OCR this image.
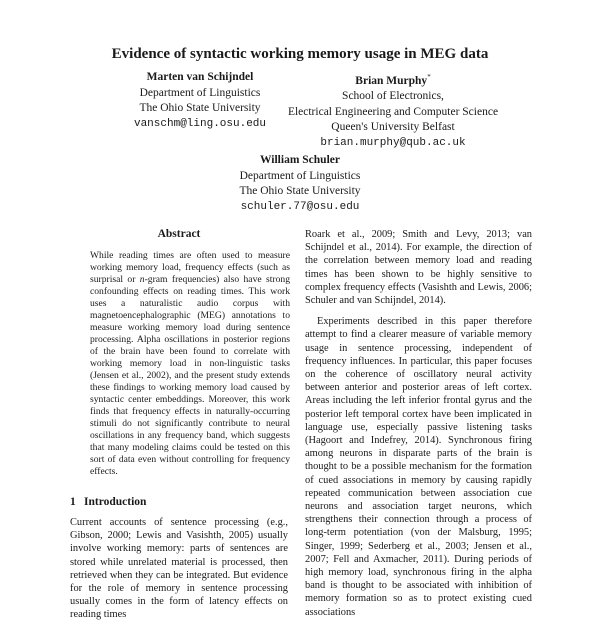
Evidence of syntactic working memory usage in MEG data
Marten van Schijndel
Department of Linguistics
The Ohio State University
vanschm@ling.osu.edu
Brian Murphy*
School of Electronics,
Electrical Engineering and Computer Science
Queen's University Belfast
brian.murphy@qub.ac.uk
William Schuler
Department of Linguistics
The Ohio State University
schuler.77@osu.edu
Abstract

While reading times are often used to measure working memory load, frequency effects (such as surprisal or n-gram frequencies) also have strong confounding effects on reading times. This work uses a naturalistic audio corpus with magnetoencephalographic (MEG) annotations to measure working memory load during sentence processing. Alpha oscillations in posterior regions of the brain have been found to correlate with working memory load in non-linguistic tasks (Jensen et al., 2002), and the present study extends these findings to working memory load caused by syntactic center embeddings. Moreover, this work finds that frequency effects in naturally-occurring stimuli do not significantly contribute to neural oscillations in any frequency band, which suggests that many modeling claims could be tested on this sort of data even without controlling for frequency effects.

1 Introduction

Current accounts of sentence processing (e.g., Gibson, 2000; Lewis and Vasishth, 2005) usually involve working memory: parts of sentences are stored while unrelated material is processed, then retrieved when they can be integrated. But evidence for the role of memory in sentence processing usually comes in the form of latency effects on reading times

Roark et al., 2009; Smith and Levy, 2013; van Schijndel et al., 2014). For example, the direction of the correlation between memory load and reading times has been shown to be highly sensitive to complex frequency effects (Vasishth and Lewis, 2006; Schuler and van Schijndel, 2014).

Experiments described in this paper therefore attempt to find a clearer measure of variable memory usage in sentence processing, independent of frequency influences. In particular, this paper focuses on the coherence of oscillatory neural activity between anterior and posterior areas of left cortex. Areas including the left inferior frontal gyrus and the posterior left temporal cortex have been implicated in language use, especially passive listening tasks (Hagoort and Indefrey, 2014). Synchronous firing among neurons in disparate parts of the brain is thought to be a possible mechanism for the formation of cued associations in memory by causing rapidly repeated communication between association cue neurons and association target neurons, which strengthens their connection through a process of long-term potentiation (von der Malsburg, 1995; Singer, 1999; Sederberg et al., 2003; Jensen et al., 2007; Fell and Axmacher, 2011). During periods of high memory load, synchronous firing in the alpha band is thought to be associated with inhibition of memory formation so as to protect existing cued associations
